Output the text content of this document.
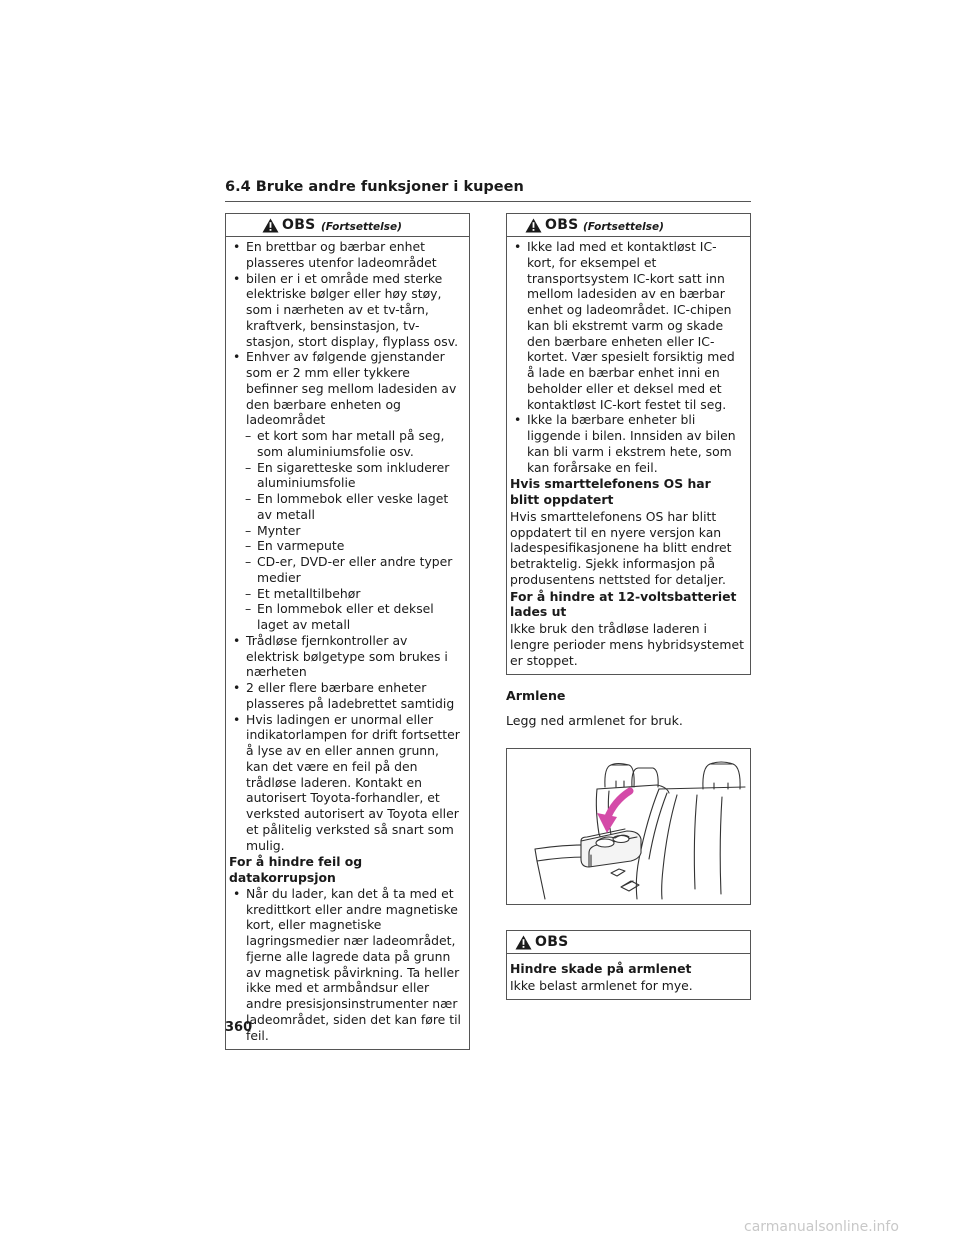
6.4 Bruke andre funksjoner i kupeen
OBS (Fortsettelse)
• En brettbar og bærbar enhet plasseres utenfor ladeområdet
• bilen er i et område med sterke elektriske bølger eller høy støy, som i nærheten av et tv-tårn, kraftverk, bensinstasjon, tv-stasjon, stort display, flyplass osv.
• Enhver av følgende gjenstander som er 2 mm eller tykkere befinner seg mellom ladesiden av den bærbare enheten og ladeområdet
– et kort som har metall på seg, som aluminiumsfolie osv.
– En sigaretteske som inkluderer aluminiumsfolie
– En lommebok eller veske laget av metall
– Mynter
– En varmepute
– CD-er, DVD-er eller andre typer medier
– Et metalltilbehør
– En lommebok eller et deksel laget av metall
• Trådløse fjernkontroller av elektrisk bølgetype som brukes i nærheten
• 2 eller flere bærbare enheter plasseres på ladebrettet samtidig
• Hvis ladingen er unormal eller indikatorlampen for drift fortsetter å lyse av en eller annen grunn, kan det være en feil på den trådløse laderen. Kontakt en autorisert Toyota-forhandler, et verksted autorisert av Toyota eller et pålitelig verksted så snart som mulig.
For å hindre feil og datakorrupsjon
• Når du lader, kan det å ta med et kredittkort eller andre magnetiske kort, eller magnetiske lagringsmedier nær ladeområdet, fjerne alle lagrede data på grunn av magnetisk påvirkning. Ta heller ikke med et armbåndsur eller andre presisjonsinstrumenter nær ladeområdet, siden det kan føre til feil.
OBS (Fortsettelse)
• Ikke lad med et kontaktløst IC-kort, for eksempel et transportsystem IC-kort satt inn mellom ladesiden av en bærbar enhet og ladeområdet. IC-chipen kan bli ekstremt varm og skade den bærbare enheten eller IC-kortet. Vær spesielt forsiktig med å lade en bærbar enhet inni en beholder eller et deksel med et kontaktløst IC-kort festet til seg.
• Ikke la bærbare enheter bli liggende i bilen. Innsiden av bilen kan bli varm i ekstrem hete, som kan forårsake en feil.
Hvis smarttelefonens OS har blitt oppdatert
Hvis smarttelefonens OS har blitt oppdatert til en nyere versjon kan ladespesifikasjonene ha blitt endret betraktelig. Sjekk informasjon på produsentens nettsted for detaljer.
For å hindre at 12-voltsbatteriet lades ut
Ikke bruk den trådløse laderen i lengre perioder mens hybridsystemet er stoppet.
Armlene
Legg ned armlenet for bruk.
OBS
Hindre skade på armlenet
Ikke belast armlenet for mye.
360
carmanualsonline.info
